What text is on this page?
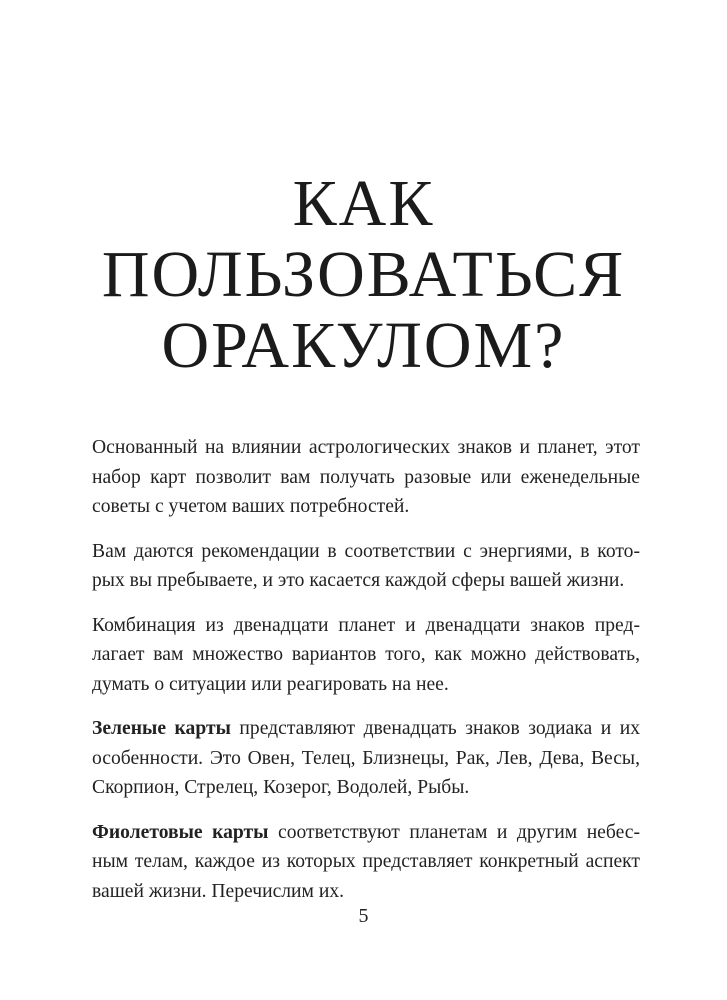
КАК
ПОЛЬЗОВАТЬСЯ
ОРАКУЛОМ?

Основанный на влиянии астрологических знаков и планет, этот
набор карт позволит вам получать разовые или еженедельные
советы с учетом ваших потребностей.

Вам даются рекомендации в соответствии с энергиями, в кото-
рых вы пребываете, и это касается каждой сферы вашей жизни.

Комбинация из двенадцати планет и двенадцати знаков пред-
лагает вам множество вариантов того, как можно действовать,
думать о ситуации или реагировать на нее.

Зеленые карты представляют двенадцать знаков зодиака и их
особенности. Это Овен, Телец, Близнецы, Рак, Лев, Дева, Весы,
Скорпион, Стрелец, Козерог, Водолей, Рыбы.

Фиолетовые карты соответствуют планетам и другим небес-
ным телам, каждое из которых представляет конкретный аспект
вашей жизни. Перечислим их.

5
